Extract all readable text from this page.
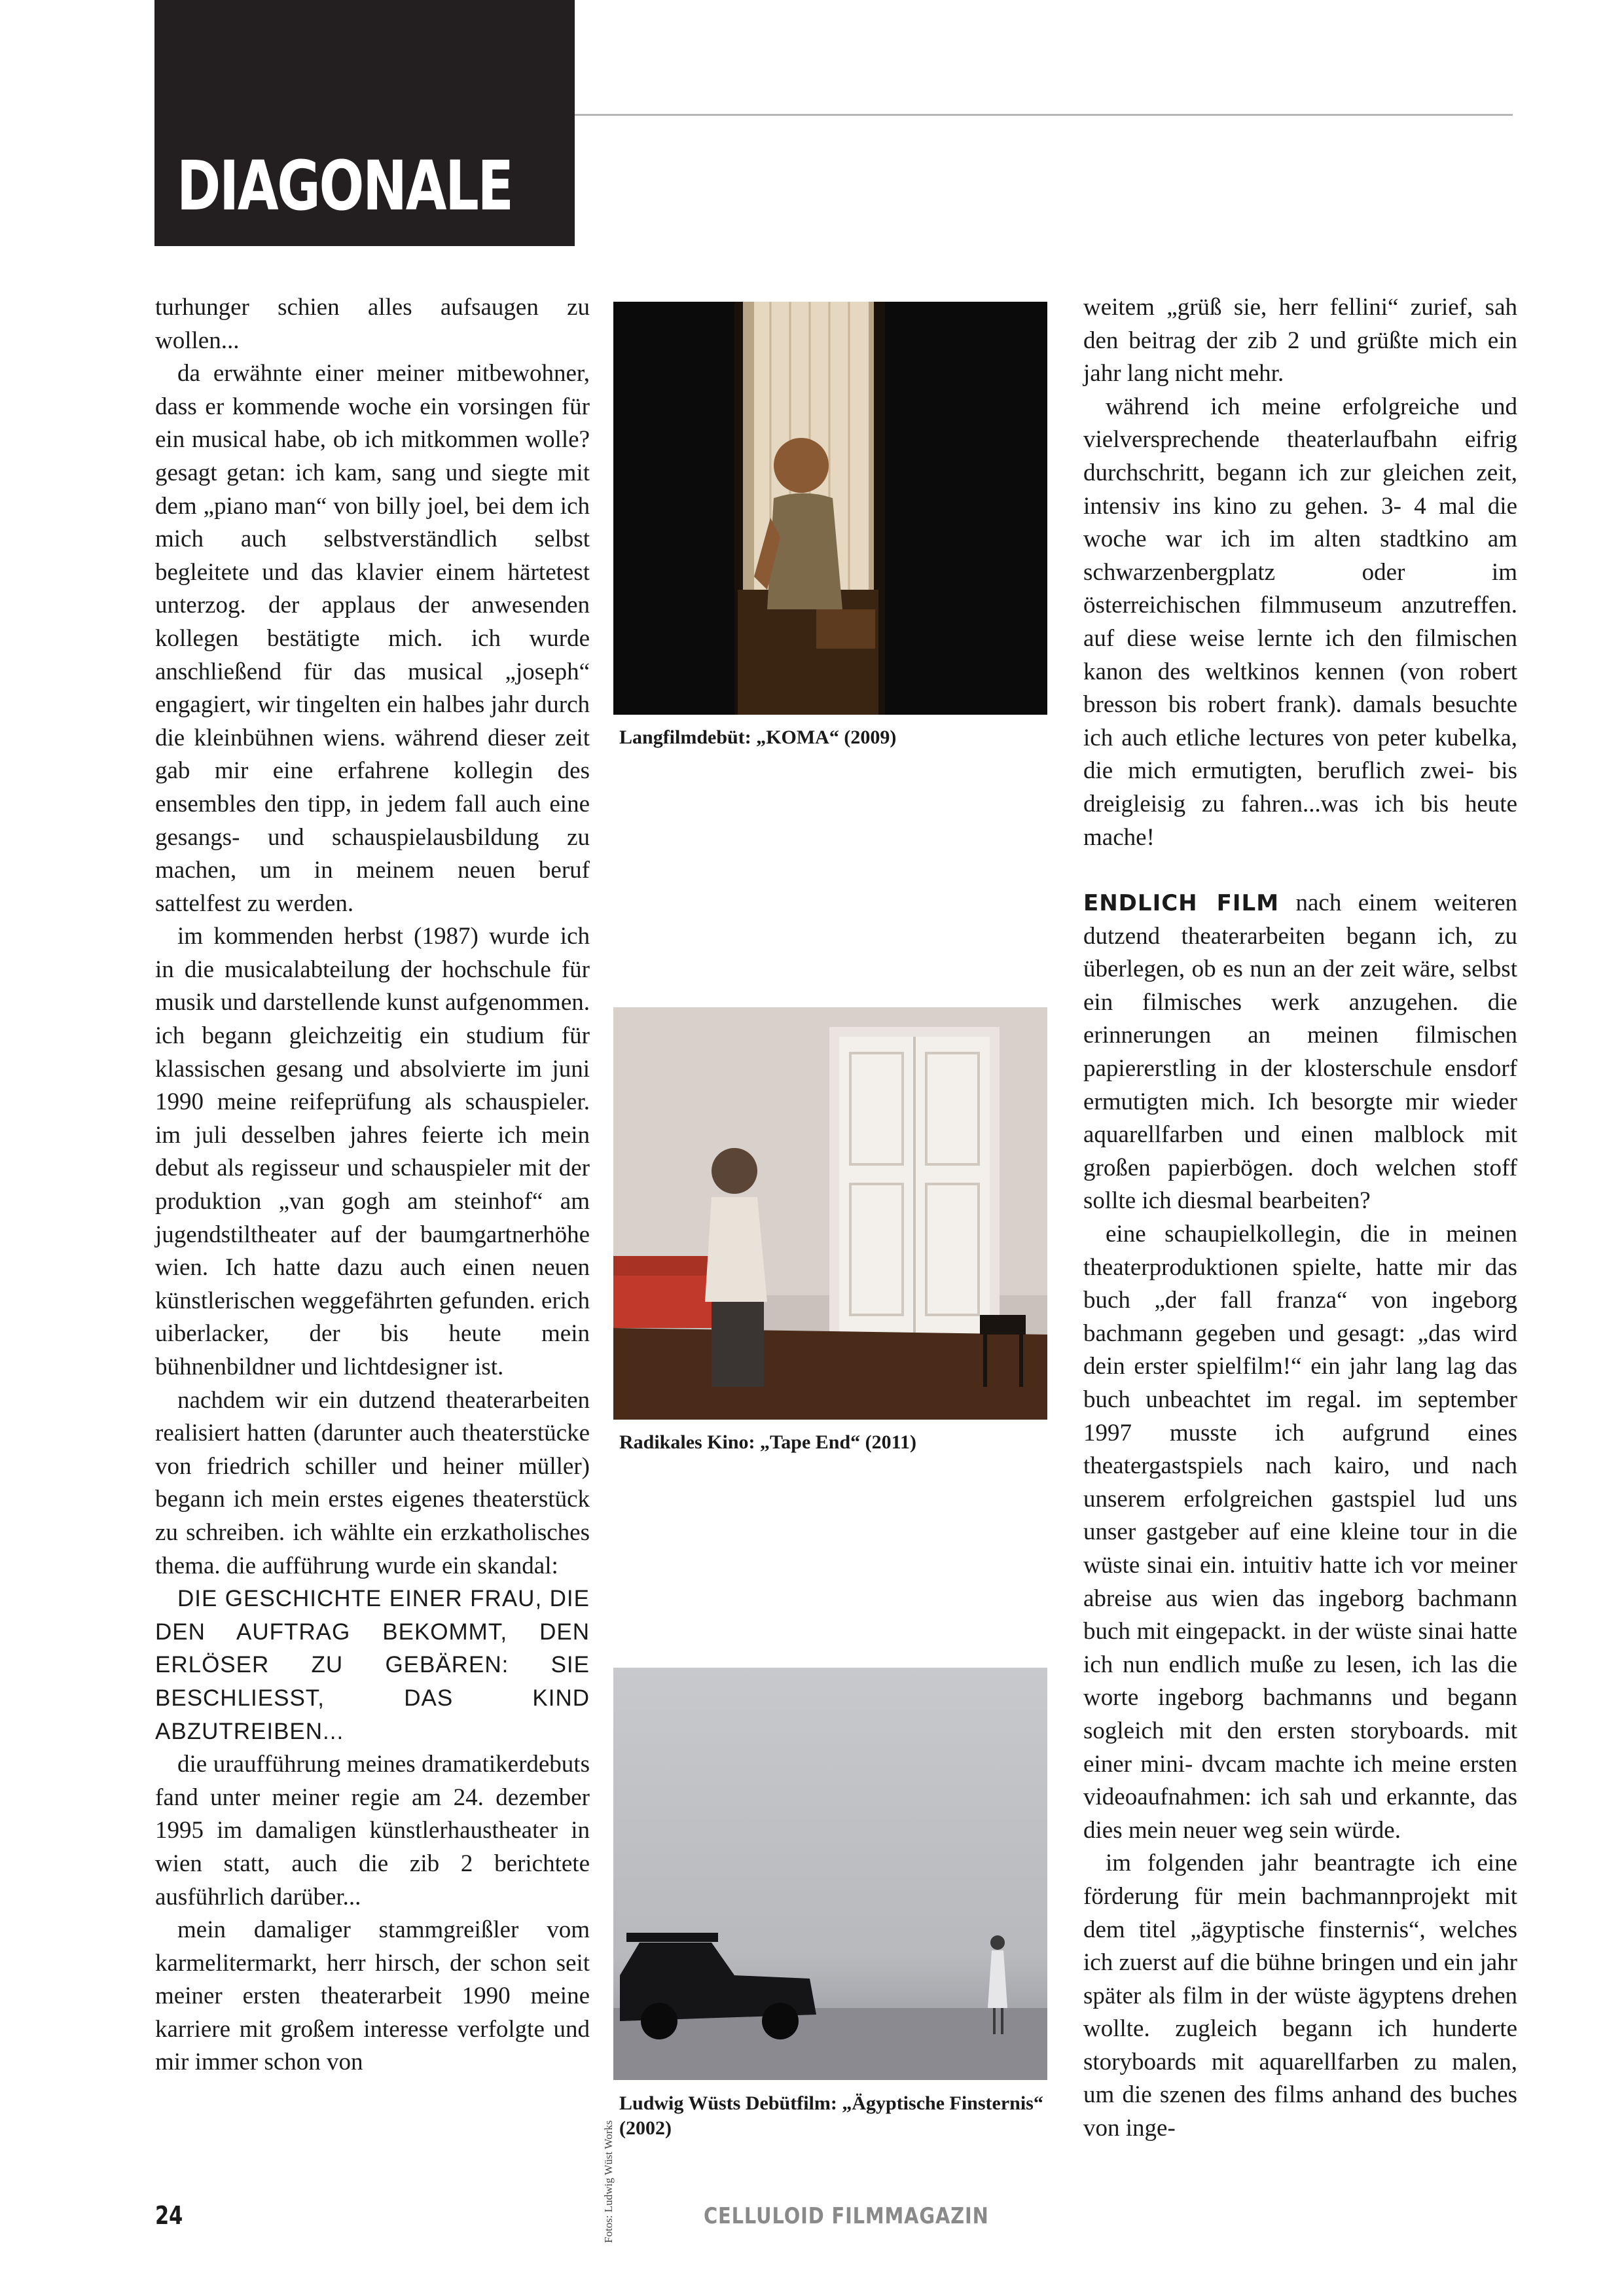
DIAGONALE

turhunger schien alles aufsaugen zu wollen...

da erwähnte einer meiner mitbewohner, dass er kommende woche ein vorsingen für ein musical habe, ob ich mitkommen wolle? gesagt getan: ich kam, sang und siegte mit dem „piano man“ von billy joel, bei dem ich mich auch selbstverständlich selbst begleitete und das klavier einem härtetest unterzog. der applaus der anwesenden kollegen bestätigte mich. ich wurde anschließend für das musical „joseph“ engagiert, wir tingelten ein halbes jahr durch die kleinbühnen wiens. während dieser zeit gab mir eine erfahrene kollegin des ensembles den tipp, in jedem fall auch eine gesangs- und schauspielausbildung zu machen, um in meinem neuen beruf sattelfest zu werden.

im kommenden herbst (1987) wurde ich in die musicalabteilung der hochschule für musik und darstellende kunst aufgenommen. ich begann gleichzeitig ein studium für klassischen gesang und absolvierte im juni 1990 meine reifeprüfung als schauspieler. im juli desselben jahres feierte ich mein debut als regisseur und schauspieler mit der produktion „van gogh am steinhof“ am jugendstiltheater auf der baumgartnerhöhe wien. Ich hatte dazu auch einen neuen künstlerischen weggefährten gefunden. erich uiberlacker, der bis heute mein bühnenbildner und lichtdesigner ist.

nachdem wir ein dutzend theaterarbeiten realisiert hatten (darunter auch theaterstücke von friedrich schiller und heiner müller) begann ich mein erstes eigenes theaterstück zu schreiben. ich wählte ein erzkatholisches thema. die aufführung wurde ein skandal:

DIE GESCHICHTE EINER FRAU, DIE DEN AUFTRAG BEKOMMT, DEN ERLÖSER ZU GEBÄREN: SIE BESCHLIESST, DAS KIND ABZUTREIBEN...

die uraufführung meines dramatikerdebuts fand unter meiner regie am 24. dezember 1995 im damaligen künstlerhaustheater in wien statt, auch die zib 2 berichtete ausführlich darüber...

mein damaliger stammgreißler vom karmelitermarkt, herr hirsch, der schon seit meiner ersten theaterarbeit 1990 meine karriere mit großem interesse verfolgte und mir immer schon von

Langfilmdebüt: „KOMA“ (2009)
Radikales Kino: „Tape End“ (2011)
Ludwig Wüsts Debütfilm: „Ägyptische Finsternis“ (2002)
Fotos: Ludwig Wüst Works

weitem „grüß sie, herr fellini“ zurief, sah den beitrag der zib 2 und grüßte mich ein jahr lang nicht mehr.

während ich meine erfolgreiche und vielversprechende theaterlaufbahn eifrig durchschritt, begann ich zur gleichen zeit, intensiv ins kino zu gehen. 3- 4 mal die woche war ich im alten stadtkino am schwarzenbergplatz oder im österreichischen filmmuseum anzutreffen. auf diese weise lernte ich den filmischen kanon des weltkinos kennen (von robert bresson bis robert frank). damals besuchte ich auch etliche lectures von peter kubelka, die mich ermutigten, beruflich zwei- bis dreigleisig zu fahren...was ich bis heute mache!

ENDLICH FILM nach einem weiteren dutzend theaterarbeiten begann ich, zu überlegen, ob es nun an der zeit wäre, selbst ein filmisches werk anzugehen. die erinnerungen an meinen filmischen papiererstling in der klosterschule ensdorf ermutigten mich. Ich besorgte mir wieder aquarellfarben und einen malblock mit großen papierbögen. doch welchen stoff sollte ich diesmal bearbeiten?

eine schaupielkollegin, die in meinen theaterproduktionen spielte, hatte mir das buch „der fall franza“ von ingeborg bachmann gegeben und gesagt: „das wird dein erster spielfilm!“ ein jahr lang lag das buch unbeachtet im regal. im september 1997 musste ich aufgrund eines theatergastspiels nach kairo, und nach unserem erfolgreichen gastspiel lud uns unser gastgeber auf eine kleine tour in die wüste sinai ein. intuitiv hatte ich vor meiner abreise aus wien das ingeborg bachmann buch mit eingepackt. in der wüste sinai hatte ich nun endlich muße zu lesen, ich las die worte ingeborg bachmanns und begann sogleich mit den ersten storyboards. mit einer mini- dvcam machte ich meine ersten videoaufnahmen: ich sah und erkannte, das dies mein neuer weg sein würde.

im folgenden jahr beantragte ich eine förderung für mein bachmannprojekt mit dem titel „ägyptische finsternis“, welches ich zuerst auf die bühne bringen und ein jahr später als film in der wüste ägyptens drehen wollte. zugleich begann ich hunderte storyboards mit aquarellfarben zu malen, um die szenen des films anhand des buches von inge-

24	CELLULOID FILMMAGAZIN
